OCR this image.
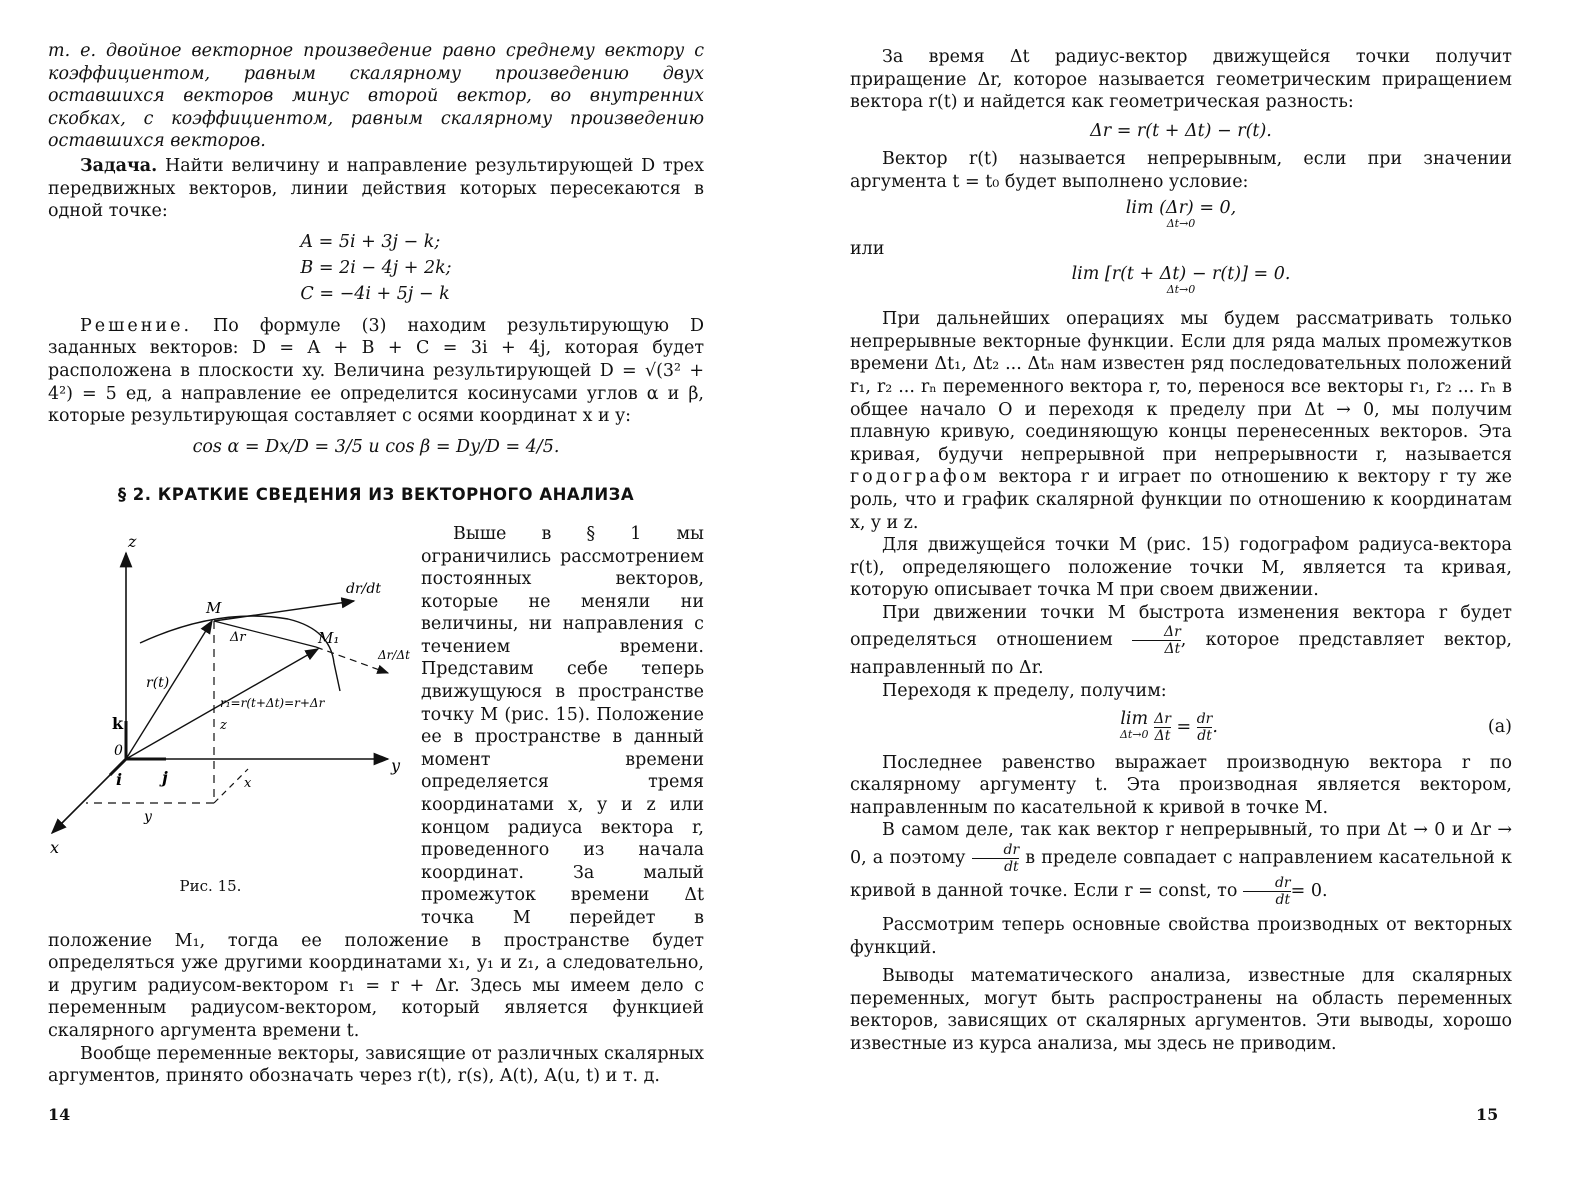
т. е. двойное векторное произведение равно среднему вектору с коэффициентом, равным скалярному произведению двух оставшихся векторов минус второй вектор, во внутренних скобках, с коэффициентом, равным скалярному произведению оставшихся векторов.

Задача. Найти величину и направление результирующей D трех передвижных векторов, линии действия которых пересекаются в одной точке:

A = 5i + 3j − k;
B = 2i − 4j + 2k;
C = −4i + 5j − k

Решение. По формуле (3) находим результирующую D заданных векторов: D = A + B + C = 3i + 4j, которая будет расположена в плоскости xy. Величина результирующей D = √(3² + 4²) = 5 ед, а направление ее определится косинусами углов α и β, которые результирующая составляет с осями координат x и y:

cos α = Dx/D = 3/5 и cos β = Dy/D = 4/5.
§ 2. КРАТКИЕ СВЕДЕНИЯ ИЗ ВЕКТОРНОГО АНАЛИЗА
z
y
x
0
k
i j
M
M₁
dr/dt
Δr/Δt
Δr
r(t)
r₁=r(t+Δt)=r+Δr
z
x
y
Рис. 15.

Выше в § 1 мы ограничились рассмотрением постоянных векторов, которые не меняли ни величины, ни направления с течением времени. Представим себе теперь движущуюся в пространстве точку M (рис. 15). Положение ее в пространстве в данный момент времени определяется тремя координатами x, y и z или концом радиуса вектора r, проведенного из начала координат. За малый промежуток времени Δt точка M перейдет в положение M₁, тогда ее положение в пространстве будет определяться уже другими координатами x₁, y₁ и z₁, а следовательно, и другим радиусом-вектором r₁ = r + Δr. Здесь мы имеем дело с переменным радиусом-вектором, который является функцией скалярного аргумента времени t.

Вообще переменные векторы, зависящие от различных скалярных аргументов, принято обозначать через r(t), r(s), A(t), A(u, t) и т. д.

14

За время Δt радиус-вектор движущейся точки получит приращение Δr, которое называется геометрическим приращением вектора r(t) и найдется как геометрическая разность:

Δr = r(t + Δt) − r(t).

Вектор r(t) называется непрерывным, если при значении аргумента t = t₀ будет выполнено условие:

lim (Δr) = 0,
Δt→0

или

lim [r(t + Δt) − r(t)] = 0.
Δt→0

При дальнейших операциях мы будем рассматривать только непрерывные векторные функции. Если для ряда малых промежутков времени Δt₁, Δt₂ ... Δtₙ нам известен ряд последовательных положений r₁, r₂ ... rₙ переменного вектора r, то, перенося все векторы r₁, r₂ ... rₙ в общее начало O и переходя к пределу при Δt → 0, мы получим плавную кривую, соединяющую концы перенесенных векторов. Эта кривая, будучи непрерывной при непрерывности r, называется годографом вектора r и играет по отношению к вектору r ту же роль, что и график скалярной функции по отношению к координатам x, y и z.

Для движущейся точки M (рис. 15) годографом радиуса-вектора r(t), определяющего положение точки M, является та кривая, которую описывает точка M при своем движении.

При движении точки M быстрота изменения вектора r будет определяться отношением $\frac{\Delta r}{\Delta t}$ , которое представляет вектор, направленный по Δr.

Переходя к пределу, получим:

lim
Δt→0
$\frac{\Delta r}{\Delta t} = \frac{dr}{dt}$ .	(a)

Последнее равенство выражает производную вектора r по скалярному аргументу t. Эта производная является вектором, направленным по касательной к кривой в точке M.

В самом деле, так как вектор r непрерывный, то при Δt → 0 и Δr → 0, а поэтому $\frac{dr}{dt}$ в пределе совпадает с направлением касательной к кривой в данной точке. Если r = const, то $\frac{dr}{dt} = 0$.

Рассмотрим теперь основные свойства производных от векторных функций.

Выводы математического анализа, известные для скалярных переменных, могут быть распространены на область переменных векторов, зависящих от скалярных аргументов. Эти выводы, хорошо известные из курса анализа, мы здесь не приводим.

15
